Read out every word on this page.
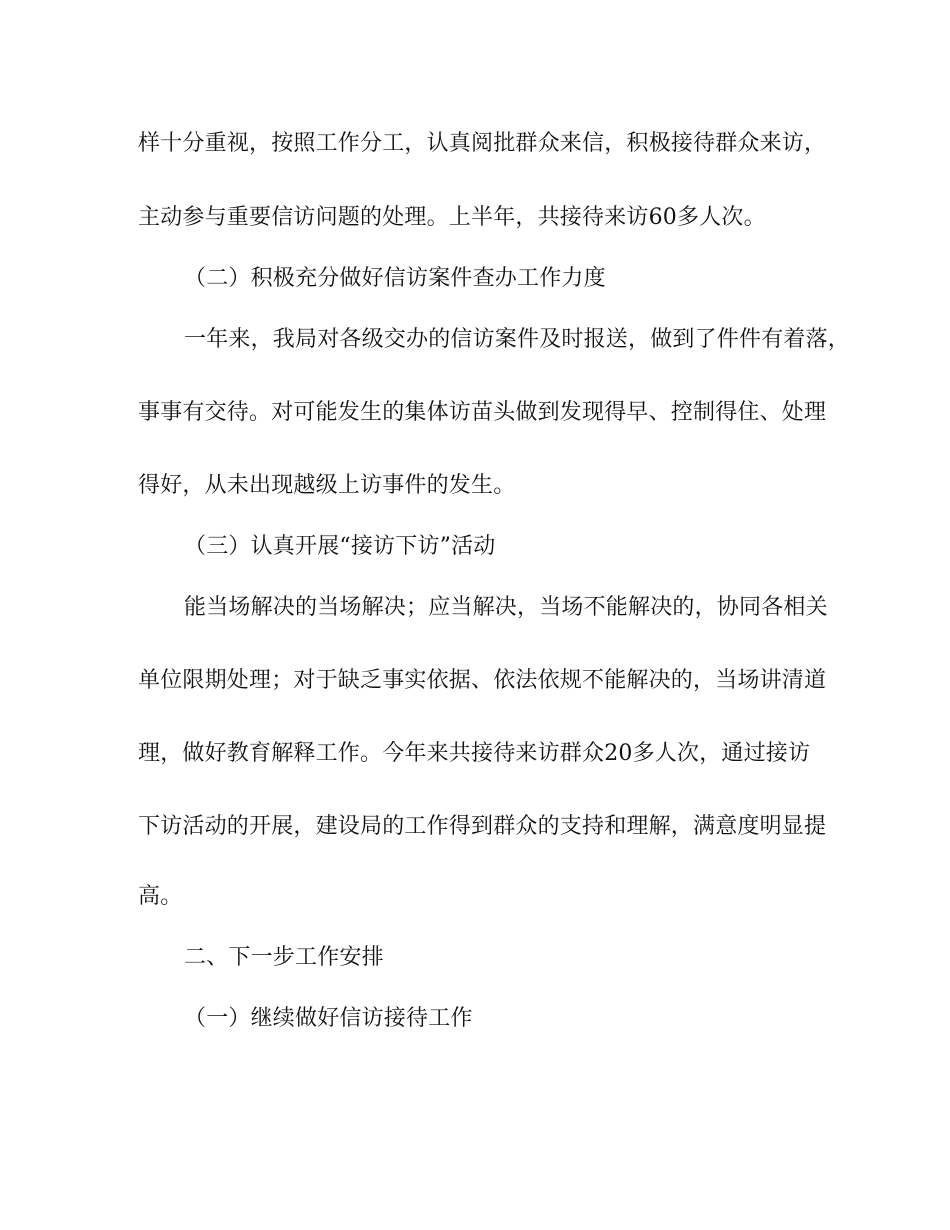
样十分重视，按照工作分工，认真阅批群众来信，积极接待群众来访，
主动参与重要信访问题的处理。上半年，共接待来访60多人次。
（二）积极充分做好信访案件查办工作力度
一年来，我局对各级交办的信访案件及时报送，做到了件件有着落，
事事有交待。对可能发生的集体访苗头做到发现得早、控制得住、处理
得好，从未出现越级上访事件的发生。
（三）认真开展“接访下访”活动
能当场解决的当场解决；应当解决，当场不能解决的，协同各相关
单位限期处理；对于缺乏事实依据、依法依规不能解决的，当场讲清道
理，做好教育解释工作。今年来共接待来访群众20多人次，通过接访
下访活动的开展，建设局的工作得到群众的支持和理解，满意度明显提
高。
二、下一步工作安排
（一）继续做好信访接待工作
